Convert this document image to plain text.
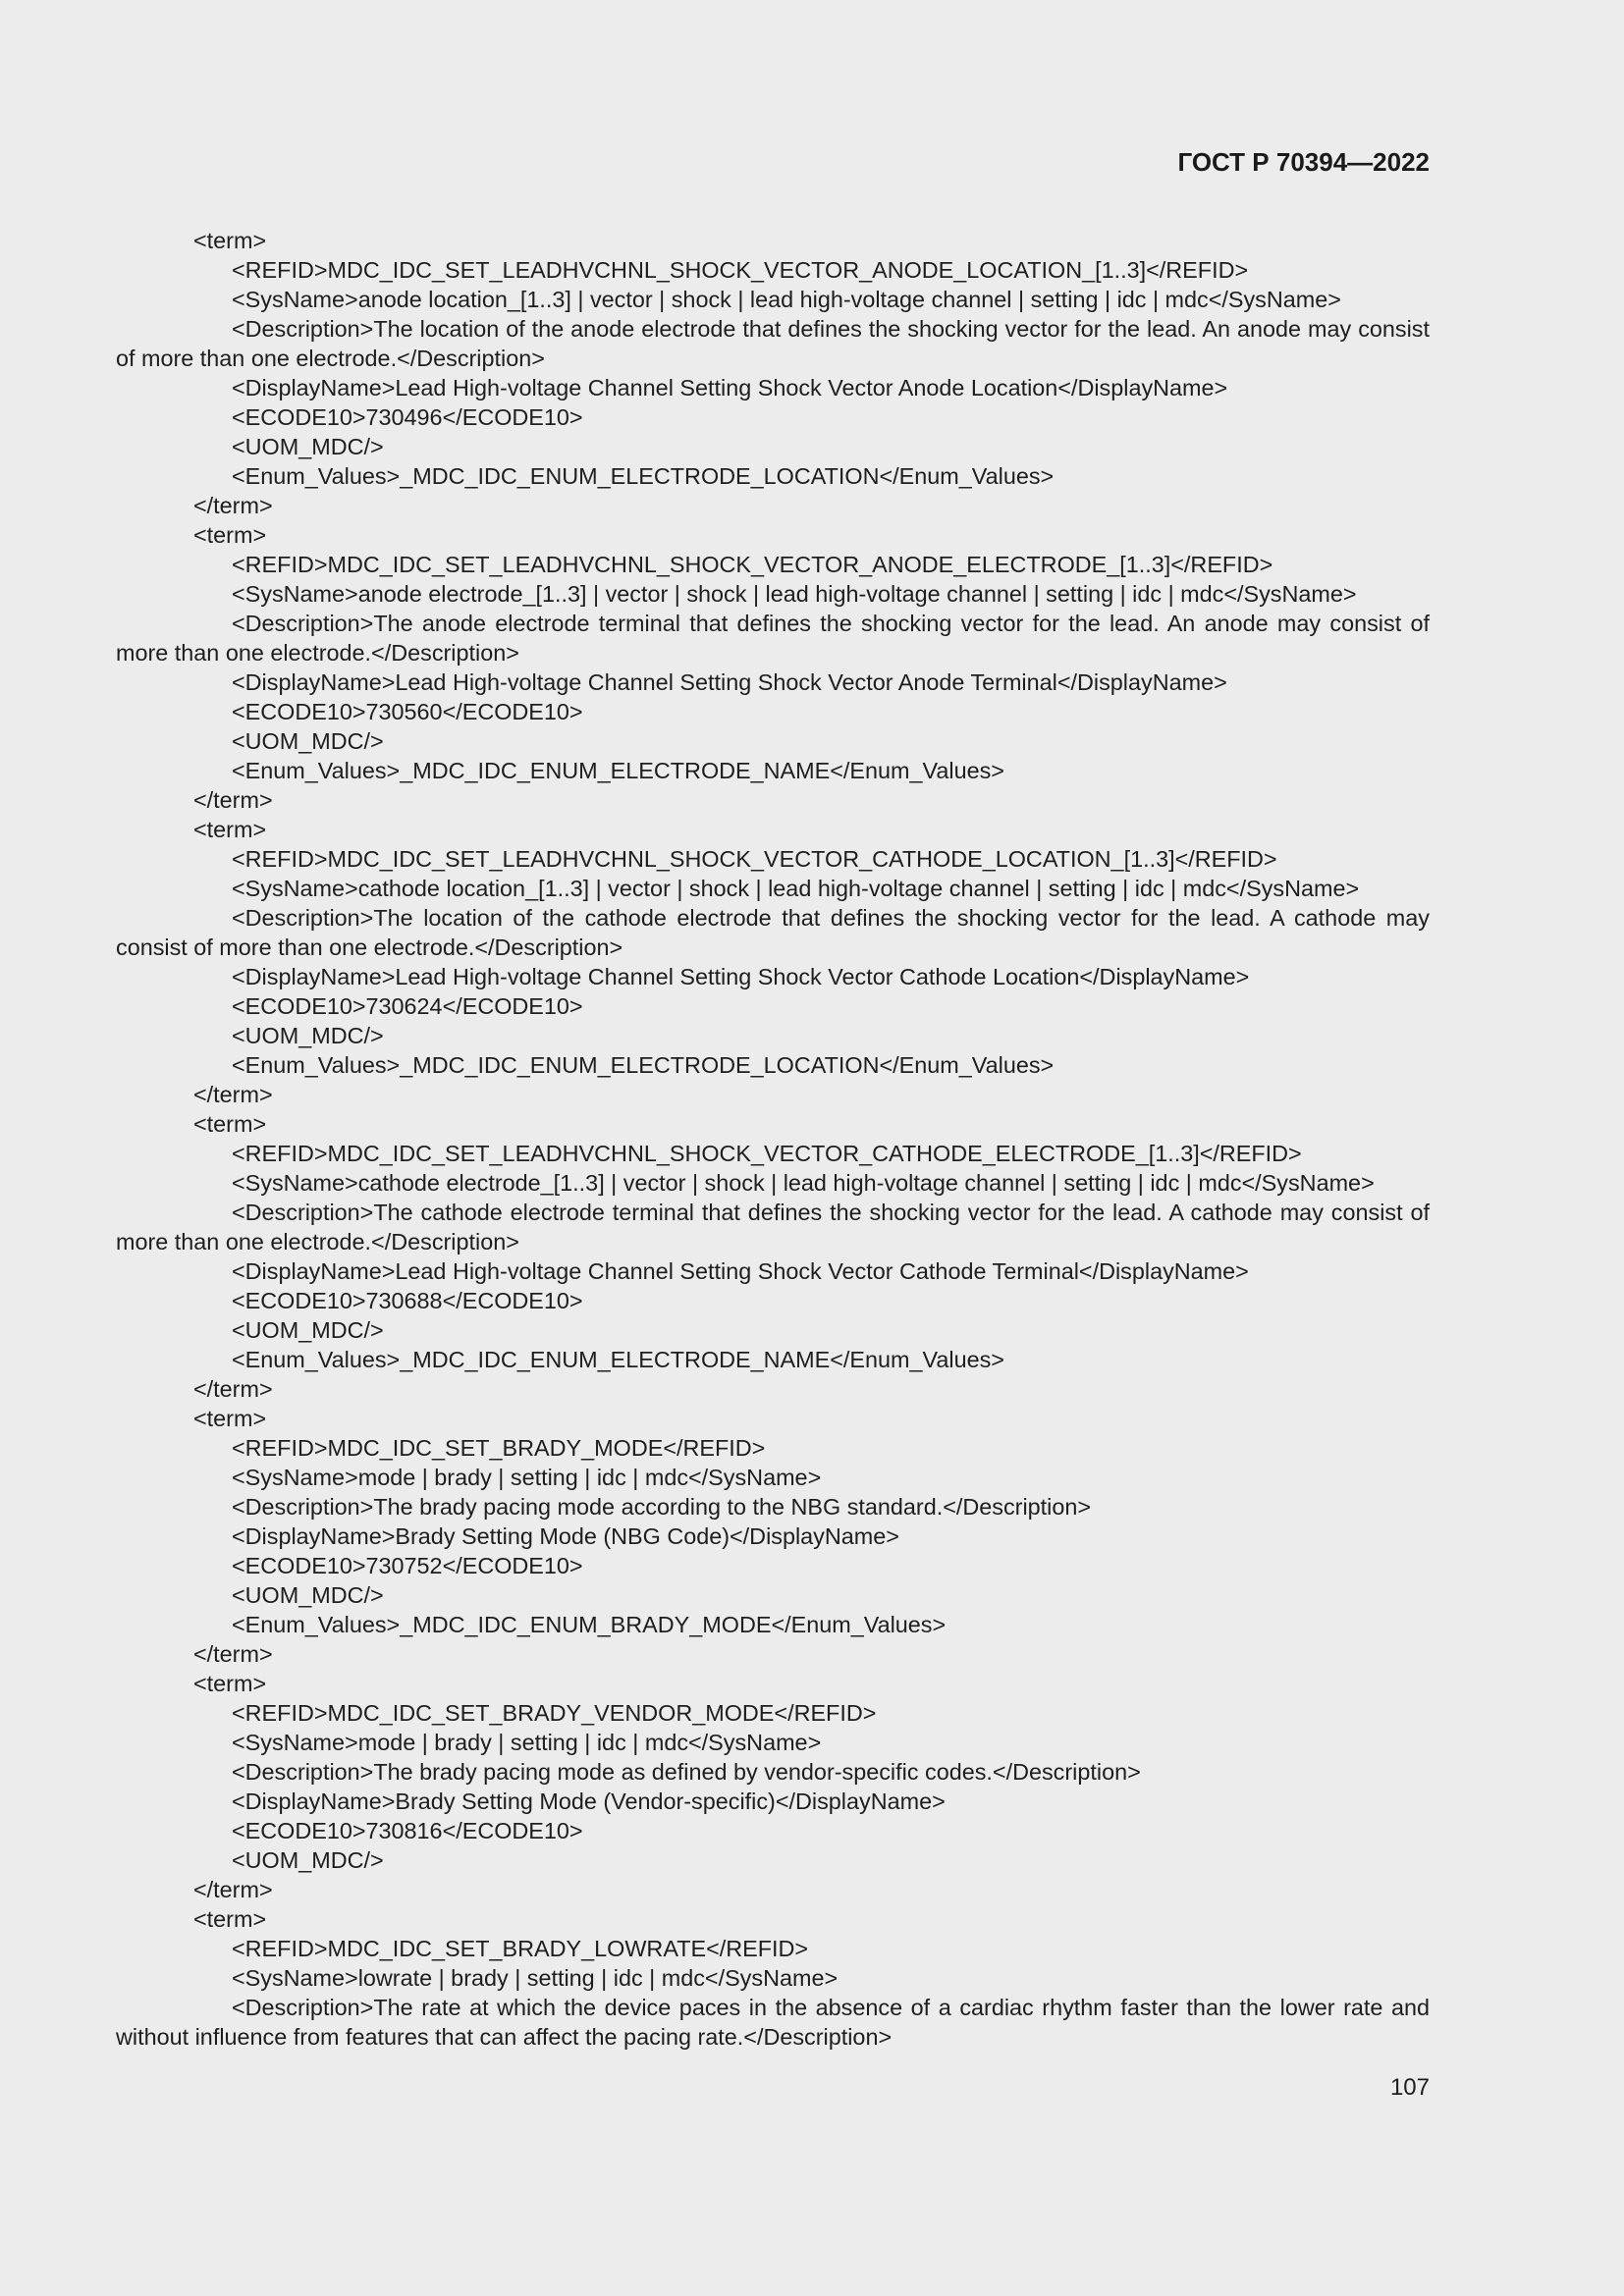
ГОСТ Р 70394—2022
<term>
<REFID>MDC_IDC_SET_LEADHVCHNL_SHOCK_VECTOR_ANODE_LOCATION_[1..3]</REFID>
<SysName>anode location_[1..3] | vector | shock | lead high-voltage channel | setting | idc | mdc</SysName>
<Description>The location of the anode electrode that defines the shocking vector for the lead. An anode may consist of more than one electrode.</Description>
<DisplayName>Lead High-voltage Channel Setting Shock Vector Anode Location</DisplayName>
<ECODE10>730496</ECODE10>
<UOM_MDC/>
<Enum_Values>_MDC_IDC_ENUM_ELECTRODE_LOCATION</Enum_Values>
</term>
<term>
<REFID>MDC_IDC_SET_LEADHVCHNL_SHOCK_VECTOR_ANODE_ELECTRODE_[1..3]</REFID>
<SysName>anode electrode_[1..3] | vector | shock | lead high-voltage channel | setting | idc | mdc</SysName>
<Description>The anode electrode terminal that defines the shocking vector for the lead. An anode may consist of more than one electrode.</Description>
<DisplayName>Lead High-voltage Channel Setting Shock Vector Anode Terminal</DisplayName>
<ECODE10>730560</ECODE10>
<UOM_MDC/>
<Enum_Values>_MDC_IDC_ENUM_ELECTRODE_NAME</Enum_Values>
</term>
<term>
<REFID>MDC_IDC_SET_LEADHVCHNL_SHOCK_VECTOR_CATHODE_LOCATION_[1..3]</REFID>
<SysName>cathode location_[1..3] | vector | shock | lead high-voltage channel | setting | idc | mdc</SysName>
<Description>The location of the cathode electrode that defines the shocking vector for the lead. A cathode may consist of more than one electrode.</Description>
<DisplayName>Lead High-voltage Channel Setting Shock Vector Cathode Location</DisplayName>
<ECODE10>730624</ECODE10>
<UOM_MDC/>
<Enum_Values>_MDC_IDC_ENUM_ELECTRODE_LOCATION</Enum_Values>
</term>
<term>
<REFID>MDC_IDC_SET_LEADHVCHNL_SHOCK_VECTOR_CATHODE_ELECTRODE_[1..3]</REFID>
<SysName>cathode electrode_[1..3] | vector | shock | lead high-voltage channel | setting | idc | mdc</SysName>
<Description>The cathode electrode terminal that defines the shocking vector for the lead. A cathode may consist of more than one electrode.</Description>
<DisplayName>Lead High-voltage Channel Setting Shock Vector Cathode Terminal</DisplayName>
<ECODE10>730688</ECODE10>
<UOM_MDC/>
<Enum_Values>_MDC_IDC_ENUM_ELECTRODE_NAME</Enum_Values>
</term>
<term>
<REFID>MDC_IDC_SET_BRADY_MODE</REFID>
<SysName>mode | brady | setting | idc | mdc</SysName>
<Description>The brady pacing mode according to the NBG standard.</Description>
<DisplayName>Brady Setting Mode (NBG Code)</DisplayName>
<ECODE10>730752</ECODE10>
<UOM_MDC/>
<Enum_Values>_MDC_IDC_ENUM_BRADY_MODE</Enum_Values>
</term>
<term>
<REFID>MDC_IDC_SET_BRADY_VENDOR_MODE</REFID>
<SysName>mode | brady | setting | idc | mdc</SysName>
<Description>The brady pacing mode as defined by vendor-specific codes.</Description>
<DisplayName>Brady Setting Mode (Vendor-specific)</DisplayName>
<ECODE10>730816</ECODE10>
<UOM_MDC/>
</term>
<term>
<REFID>MDC_IDC_SET_BRADY_LOWRATE</REFID>
<SysName>lowrate | brady | setting | idc | mdc</SysName>
<Description>The rate at which the device paces in the absence of a cardiac rhythm faster than the lower rate and without influence from features that can affect the pacing rate.</Description>
107
